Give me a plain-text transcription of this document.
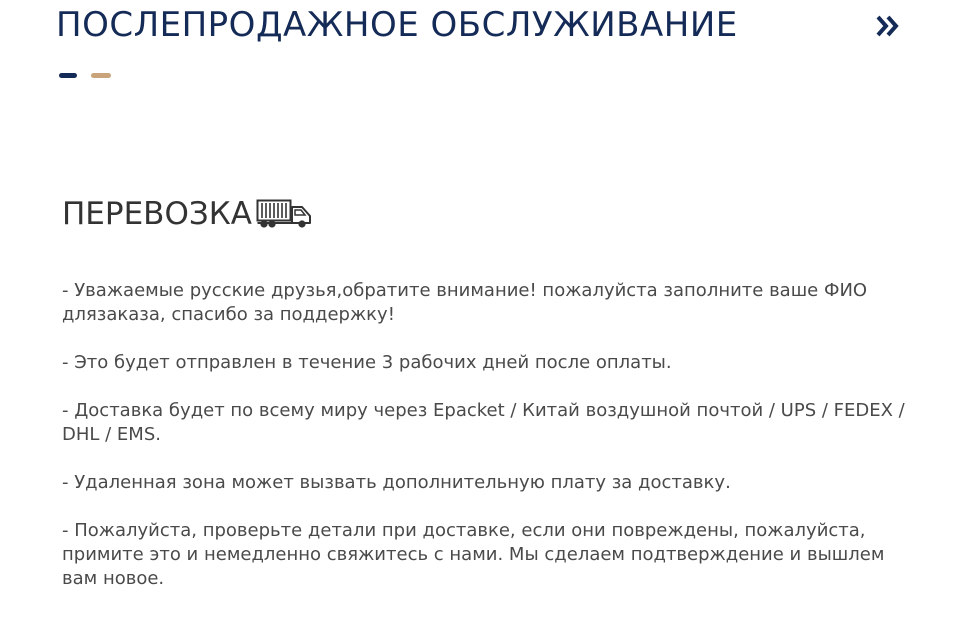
ПОСЛЕПРОДАЖНОЕ ОБСЛУЖИВАНИЕ
ПЕРЕВОЗКА

- Уважаемые русские друзья,обратите внимание! пожалуйста заполните ваше ФИО длязаказа, спасибо за поддержку!

- Это будет отправлен в течение 3 рабочих дней после оплаты.

- Доставка будет по всему миру через Epacket / Китай воздушной почтой / UPS / FEDEX / DHL / EMS.

- Удаленная зона может вызвать дополнительную плату за доставку.

- Пожалуйста, проверьте детали при доставке, если они повреждены, пожалуйста, примите это и немедленно свяжитесь с нами. Мы сделаем подтверждение и вышлем вам новое.
